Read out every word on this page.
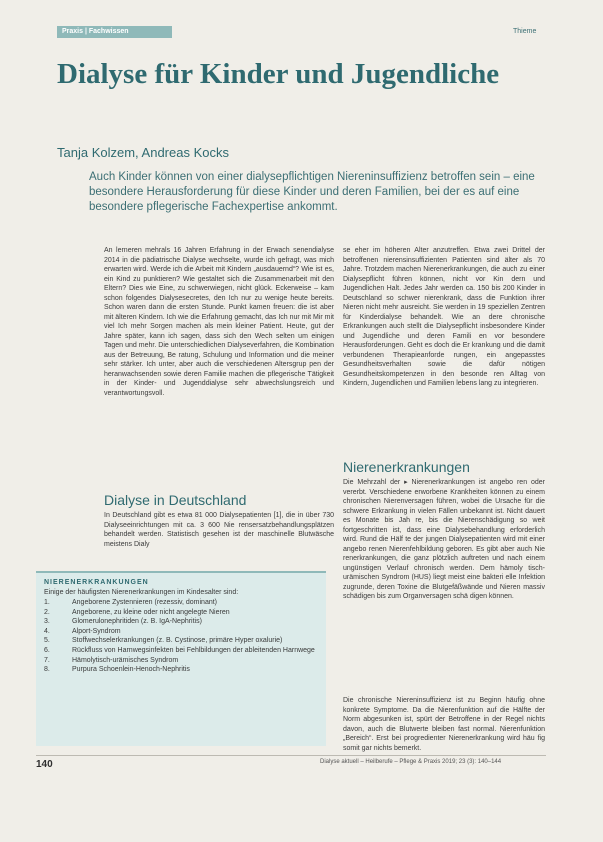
Praxis | Fachwissen	Thieme
Dialyse für Kinder und Jugendliche
Tanja Kolzem, Andreas Kocks

Auch Kinder können von einer dialysepflichtigen Niereninsuffizienz betroffen sein – eine besondere Herausforderung für diese Kinder und deren Familien, bei der es auf eine besondere pflegerische Fachexpertise ankommt.

An lerneren mehrals 16 Jahren Erfahrung in der Erwach senendialyse 2014 in die pädiatrische Dialyse wechselte, wurde ich gefragt, was mich erwarten wird. Werde ich die Arbeit mit Kindern „ausdauernd“? Wie ist es, ein Kind zu punktieren? Wie gestaltet sich die Zusammenarbeit mit den Eltern? Dies wie Eine, zu schwerwiegen, nicht glück. Eckerweise – kam schon folgendes Dialysesecretes, den Ich nur zu wenige heute bereits. Schon waren dann die ersten Stunde. Punkt kamen freuen: die ist aber mit älteren Kindern. Ich wie die Erfahrung gemacht, das Ich nur mit Mir mit viel Ich mehr Sorgen machen als mein kleiner Patient. Heute, gut der Jahre später, kann ich sagen, dass sich den Wech selten um einigen Tagen und mehr. Die unterschiedlichen Dialyseverfahren, die Kombination aus der Betreuung, Be ratung, Schulung und Information und die meiner sehr stärker. Ich unter, aber auch die verschiedenen Altersgrup pen der heranwachsenden sowie deren Familie machen die pflegerische Tätigkeit in der Kinder- und Jugenddialyse sehr abwechslungsreich und verantwortungsvoll.

Dialyse in Deutschland

In Deutschland gibt es etwa 81 000 Dialysepatienten [1], die in über 730 Dialyseeinrichtungen mit ca. 3 600 Nie rensersatzbehandlungsplätzen behandelt werden. Statistisch gesehen ist der maschinelle Blutwäsche meistens Dialy

se eher im höheren Alter anzutreffen. Etwa zwei Drittel der betroffenen nierensinsuffizienten Patienten sind älter als 70 Jahre. Trotzdem machen Nierenerkrankungen, die auch zu einer Dialysepflicht führen können, nicht vor Kin dern und Jugendlichen Halt. Jedes Jahr werden ca. 150 bis 200 Kinder in Deutschland so schwer nierenkrank, dass die Funktion ihrer Nieren nicht mehr ausreicht. Sie werden in 19 speziellen Zentren für Kinderdialyse behandelt. Wie an dere chronische Erkrankungen auch stellt die Dialysepflicht insbesondere Kinder und Jugendliche und deren Famili en vor besondere Herausforderungen. Geht es doch die Er krankung und die damit verbundenen Therapieanforde rungen, ein angepasstes Gesundheitsverhalten sowie die dafür nötigen Gesundheitskompetenzen in den besonde ren Alltag von Kindern, Jugendlichen und Familien lebens lang zu integrieren.

Nierenerkrankungen

Die Mehrzahl der ▸ Nierenerkrankungen ist angebo ren oder vererbt. Verschiedene erworbene Krankheiten können zu einem chronischen Nierenversagen führen, wobei die Ursache für die schwere Erkrankung in vielen Fällen unbekannt ist. Nicht dauert es Monate bis Jah re, bis die Nierenschädigung so weit fortgeschritten ist, dass eine Dialysebehandlung erforderlich wird. Rund die Hälf te der jungen Dialysepatienten wird mit einer angebo renen Nierenfehlbildung geboren. Es gibt aber auch Nie renerkrankungen, die ganz plötzlich auftreten und nach einem ungünstigen Verlauf chronisch werden. Dem hämoly tisch-urämischen Syndrom (HUS) liegt meist eine bakteri elle Infektion zugrunde, deren Toxine die Blutgefäßwände und Nieren massiv schädigen bis zum Organversagen schä digen können.

Die chronische Niereninsuffizienz ist zu Beginn häufig ohne konkrete Symptome. Da die Nierenfunktion auf die Hälfte der Norm abgesunken ist, spürt der Betroffene in der Regel nichts davon, auch die Blutwerte bleiben fast normal. Nierenfunktion „Bereich“. Erst bei progredienter Nierenerkrankung wird häu fig somit gar nichts bemerkt.

NIERENERKRANKUNGEN

Einige der häufigsten Nierenerkrankungen im Kindesalter sind:

1.	Angeborene Zystennieren (rezessiv, dominant)
2.	Angeborene, zu kleine oder nicht angelegte Nieren
3.	Glomerulonephritiden (z. B. IgA-Nephritis)
4.	Alport-Syndrom
5.	Stoffwechselerkrankungen (z. B. Cystinose, primäre Hyper oxalurie)
6.	Rückfluss von Harnwegsinfekten bei Fehlbildungen der ableitenden Harnwege
7.	Hämolytisch-urämisches Syndrom
8.	Purpura Schoenlein-Henoch-Nephritis
140	Dialyse aktuell – Heilberufe – Pflege & Praxis 2019; 23 (3): 140–144
